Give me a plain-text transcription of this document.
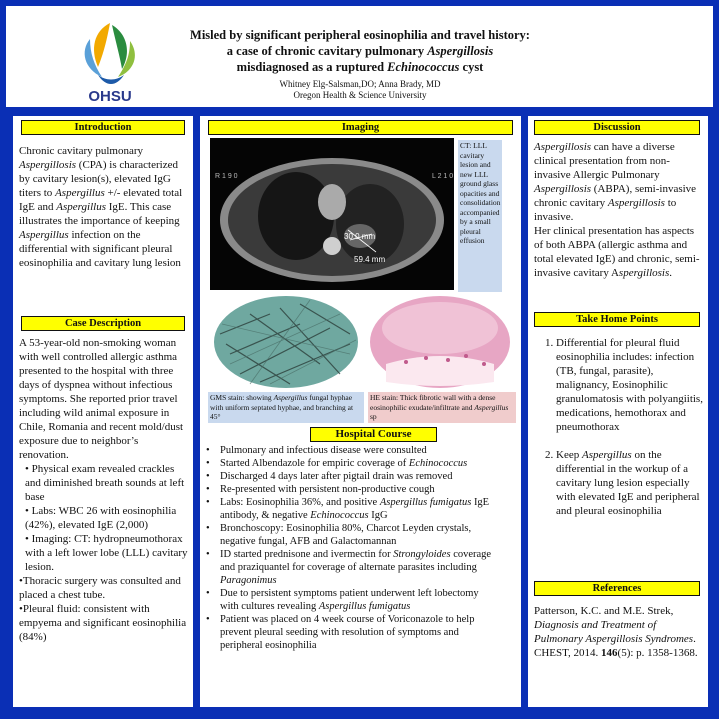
OHSU
Misled by significant peripheral eosinophilia and travel history:
a case of chronic cavitary pulmonary Aspergillosis
misdiagnosed as a ruptured Echinococcus cyst
Whitney Elg-Salsman,DO; Anna Brady, MD
Oregon Health & Science University
Introduction
Chronic cavitary pulmonary Aspergillosis (CPA) is characterized by cavitary lesion(s), elevated IgG titers to Aspergillus +/- elevated total IgE and Aspergillus IgE. This case illustrates the importance of keeping Aspergillus infection on the differential with significant pleural eosinophilia and cavitary lung lesion
Case Description
A 53-year-old non-smoking woman with well controlled allergic asthma presented to the hospital with three days of dyspnea without infectious symptoms. She reported prior travel including wild animal exposure in Chile, Romania and recent mold/dust exposure due to neighbor’s renovation.
• Physical exam revealed crackles and diminished breath sounds at left base
• Labs: WBC 26 with eosinophilia (42%), elevated IgE (2,000)
• Imaging: CT: hydropneumothorax with a left lower lobe (LLL) cavitary lesion.
•Thoracic surgery was consulted and placed a chest tube.
•Pleural fluid: consistent with empyema and significant eosinophilia (84%)
Imaging
30.0 mm
59.4 mm
R 1 9 0	L 2 1 0
CT: LLL cavitary lesion and new LLL ground glass opacities and consolidation accompanied by a small pleural effusion
GMS stain: showing Aspergillus fungal hyphae with uniform septated hyphae, and branching at 45°
HE stain: Thick fibrotic wall with a dense eosinophilic exudate/infiltrate and Aspergillus sp
Hospital Course
• Pulmonary and infectious disease were consulted
• Started Albendazole for empiric coverage of Echinococcus
• Discharged 4 days later after pigtail drain was removed
• Re-presented with persistent non-productive cough
• Labs: Eosinophilia 36%, and positive Aspergillus fumigatus IgE antibody, & negative Echinococcus IgG
• Bronchoscopy: Eosinophilia 80%, Charcot Leyden crystals, negative fungal, AFB and Galactomannan
• ID started prednisone and ivermectin for Strongyloides coverage and praziquantel for coverage of alternate parasites including Paragonimus
• Due to persistent symptoms patient underwent left lobectomy with cultures revealing Aspergillus fumigatus
• Patient was placed on 4 week course of Voriconazole to help prevent pleural seeding with resolution of symptoms and peripheral eosinophilia
Discussion
Aspergillosis can have a diverse clinical presentation from non-invasive Allergic Pulmonary Aspergillosis (ABPA), semi-invasive chronic cavitary Aspergillosis to invasive.
Her clinical presentation has aspects of both ABPA (allergic asthma and total elevated IgE) and chronic, semi-invasive cavitary Aspergillosis.
Take Home Points
1. Differential for pleural fluid eosinophilia includes: infection (TB, fungal, parasite), malignancy, Eosinophilic granulomatosis with polyangiitis, medications, hemothorax and pneumothorax
2. Keep Aspergillus on the differential in the workup of a cavitary lung lesion especially with elevated IgE and peripheral and pleural eosinophilia
References
Patterson, K.C. and M.E. Strek, Diagnosis and Treatment of Pulmonary Aspergillosis Syndromes. CHEST, 2014. 146(5): p. 1358-1368.
